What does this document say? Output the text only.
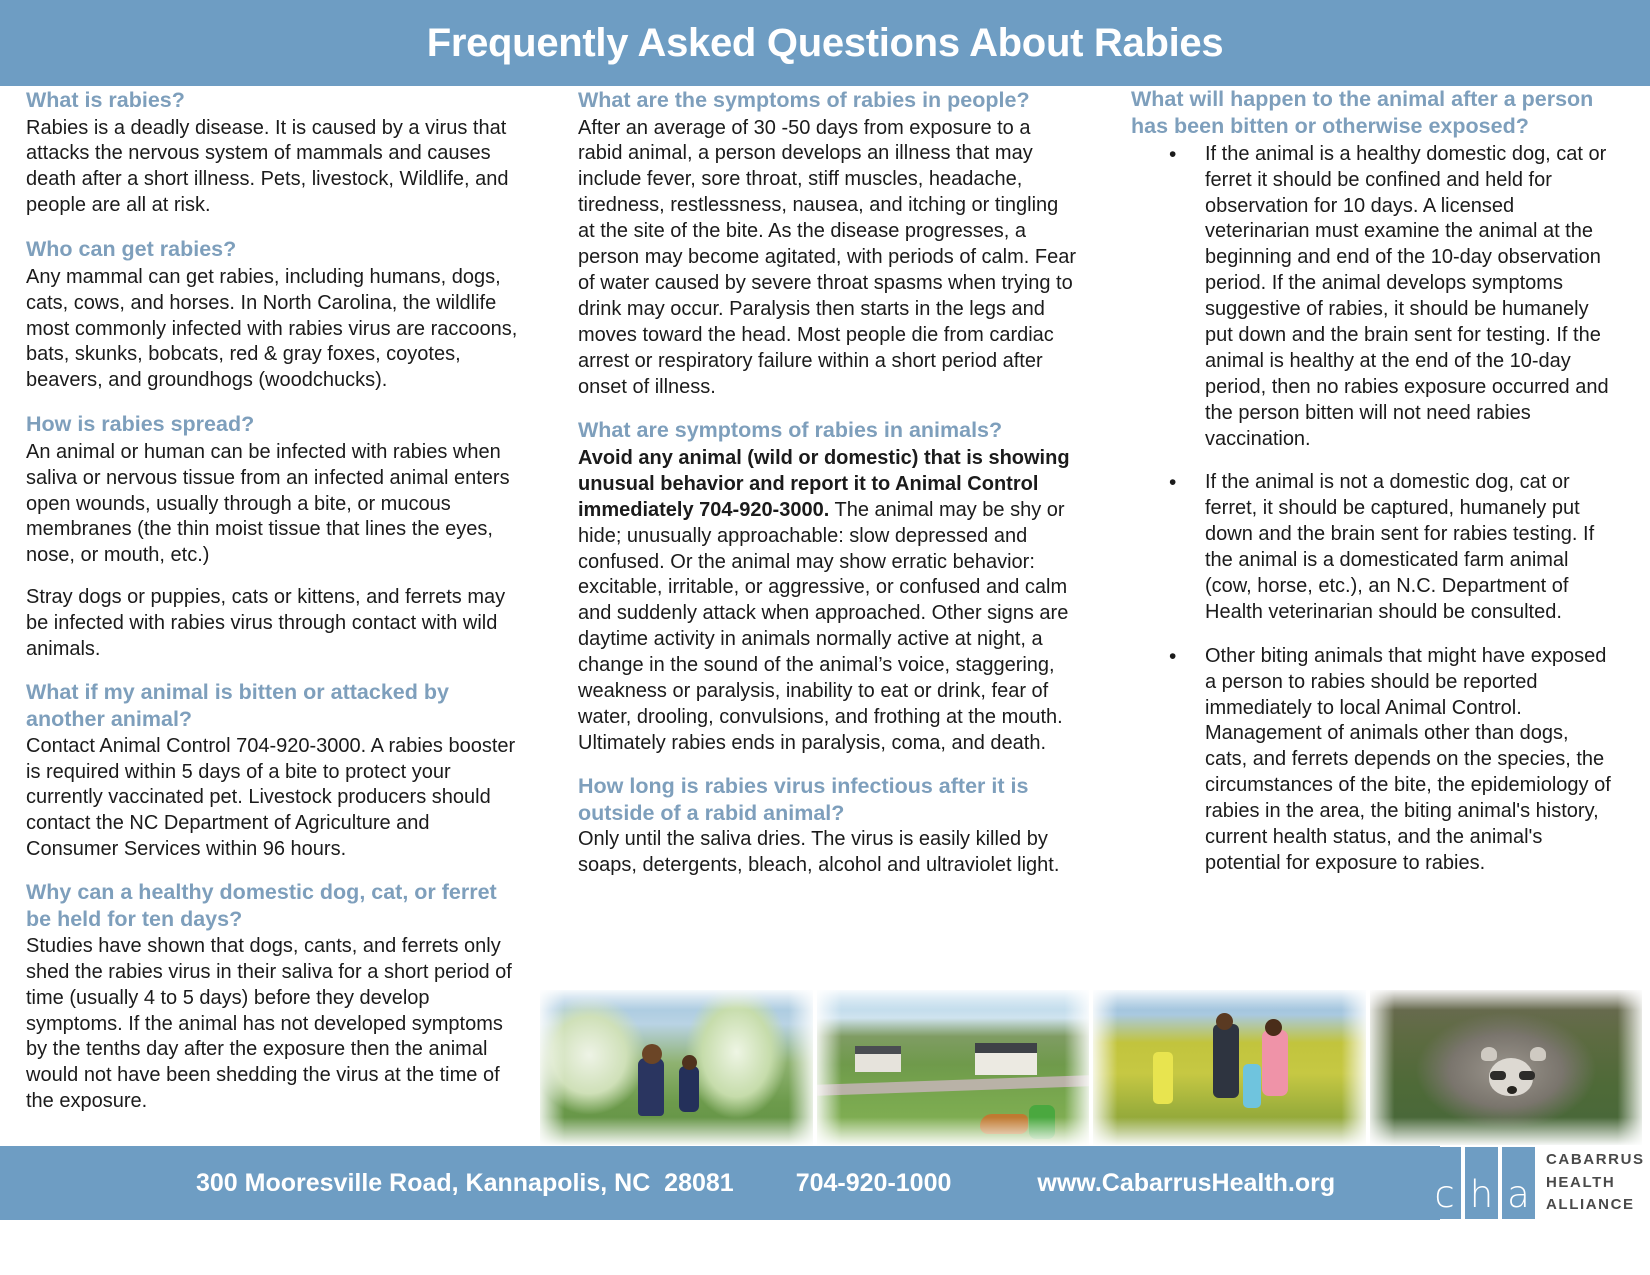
Frequently Asked Questions About Rabies
What is rabies?

Rabies is a deadly disease. It is caused by a virus that attacks the nervous system of mammals and causes death after a short illness. Pets, livestock, Wildlife, and people are all at risk.

Who can get rabies?

Any mammal can get rabies, including humans, dogs, cats, cows, and horses. In North Carolina, the wildlife most commonly infected with rabies virus are raccoons, bats, skunks, bobcats, red & gray foxes, coyotes, beavers, and groundhogs (woodchucks).

How is rabies spread?

An animal or human can be infected with rabies when saliva or nervous tissue from an infected animal enters open wounds, usually through a bite, or mucous membranes (the thin moist tissue that lines the eyes, nose, or mouth, etc.)

Stray dogs or puppies, cats or kittens, and ferrets may be infected with rabies virus through contact with wild animals.

What if my animal is bitten or attacked by another animal?

Contact Animal Control 704-920-3000. A rabies booster is required within 5 days of a bite to protect your currently vaccinated pet. Livestock producers should contact the NC Department of Agriculture and Consumer Services within 96 hours.

Why can a healthy domestic dog, cat, or ferret be held for ten days?

Studies have shown that dogs, cants, and ferrets only shed the rabies virus in their saliva for a short period of time (usually 4 to 5 days) before they develop symptoms. If the animal has not developed symptoms by the tenths day after the exposure then the animal would not have been shedding the virus at the time of the exposure.

What are the symptoms of rabies in people?

After an average of 30 -50 days from exposure to a rabid animal, a person develops an illness that may include fever, sore throat, stiff muscles, headache, tiredness, restlessness, nausea, and itching or tingling at the site of the bite. As the disease progresses, a person may become agitated, with periods of calm. Fear of water caused by severe throat spasms when trying to drink may occur. Paralysis then starts in the legs and moves toward the head. Most people die from cardiac arrest or respiratory failure within a short period after onset of illness.

What are symptoms of rabies in animals?

Avoid any animal (wild or domestic) that is showing unusual behavior and report it to Animal Control immediately 704-920-3000. The animal may be shy or hide; unusually approachable: slow depressed and confused. Or the animal may show erratic behavior: excitable, irritable, or aggressive, or confused and calm and suddenly attack when approached. Other signs are daytime activity in animals normally active at night, a change in the sound of the animal’s voice, staggering, weakness or paralysis, inability to eat or drink, fear of water, drooling, convulsions, and frothing at the mouth. Ultimately rabies ends in paralysis, coma, and death.

How long is rabies virus infectious after it is outside of a rabid animal?

Only until the saliva dries. The virus is easily killed by soaps, detergents, bleach, alcohol and ultraviolet light.

What will happen to the animal after a person has been bitten or otherwise exposed?
• If the animal is a healthy domestic dog, cat or ferret it should be confined and held for observation for 10 days. A licensed veterinarian must examine the animal at the beginning and end of the 10-day observation period. If the animal develops symptoms suggestive of rabies, it should be humanely put down and the brain sent for testing. If the animal is healthy at the end of the 10-day period, then no rabies exposure occurred and the person bitten will not need rabies vaccination.
• If the animal is not a domestic dog, cat or ferret, it should be captured, humanely put down and the brain sent for rabies testing. If the animal is a domesticated farm animal (cow, horse, etc.), an N.C. Department of Health veterinarian should be consulted.
• Other biting animals that might have exposed a person to rabies should be reported immediately to local Animal Control. Management of animals other than dogs, cats, and ferrets depends on the species, the circumstances of the bite, the epidemiology of rabies in the area, the biting animal's history, current health status, and the animal's potential for exposure to rabies.
300 Mooresville Road, Kannapolis, NC  28081 704-920-1000	www.CabarrusHealth.org	c h a
CABARRUS
HEALTH
ALLIANCE
